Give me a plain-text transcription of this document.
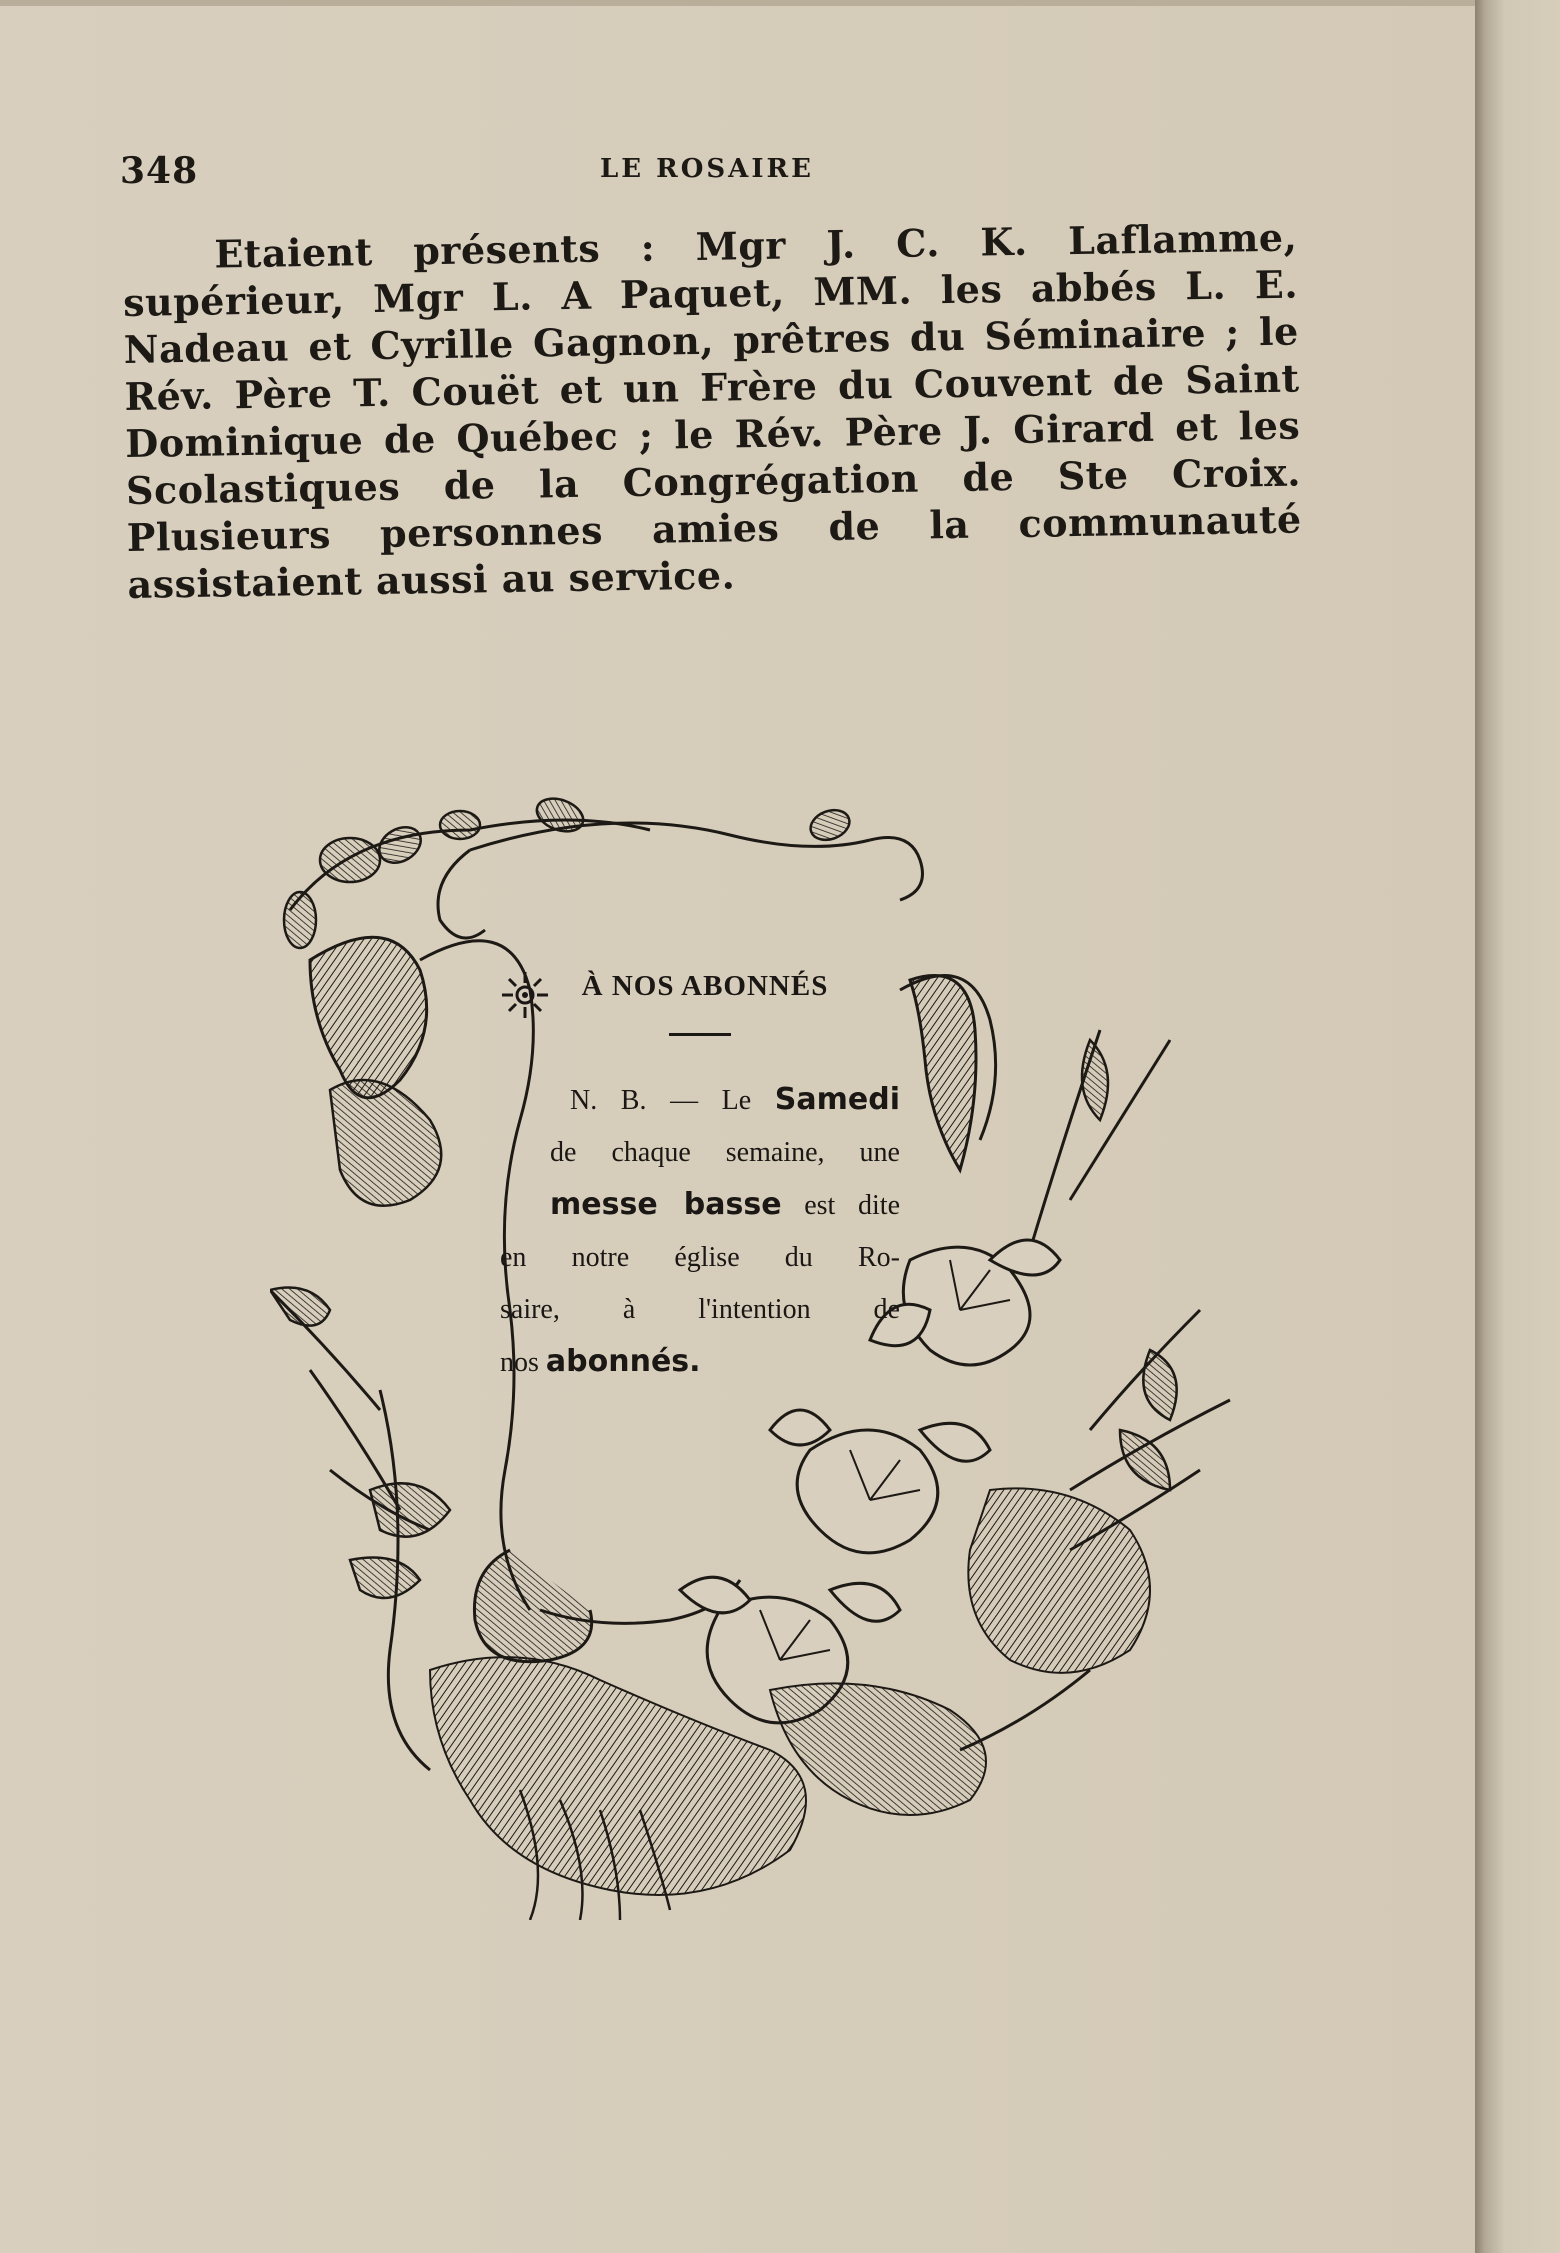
348	LE ROSAIRE

Etaient présents : Mgr J. C. K. Laflamme, supérieur, Mgr L. A Paquet, MM. les abbés L. E. Nadeau et Cyrille Gagnon, prêtres du Séminaire ; le Rév. Père T. Couët et un Frère du Couvent de Saint Dominique de Québec ; le Rév. Père J. Girard et les Scolastiques de la Congrégation de Ste Croix. Plusieurs personnes amies de la communauté assistaient aussi au service.

À NOS ABONNÉS
N. B. — Le Samedi
de chaque semaine, une
messe basse est dite
en notre église du Ro-
saire, à l'intention de
nos abonnés.
